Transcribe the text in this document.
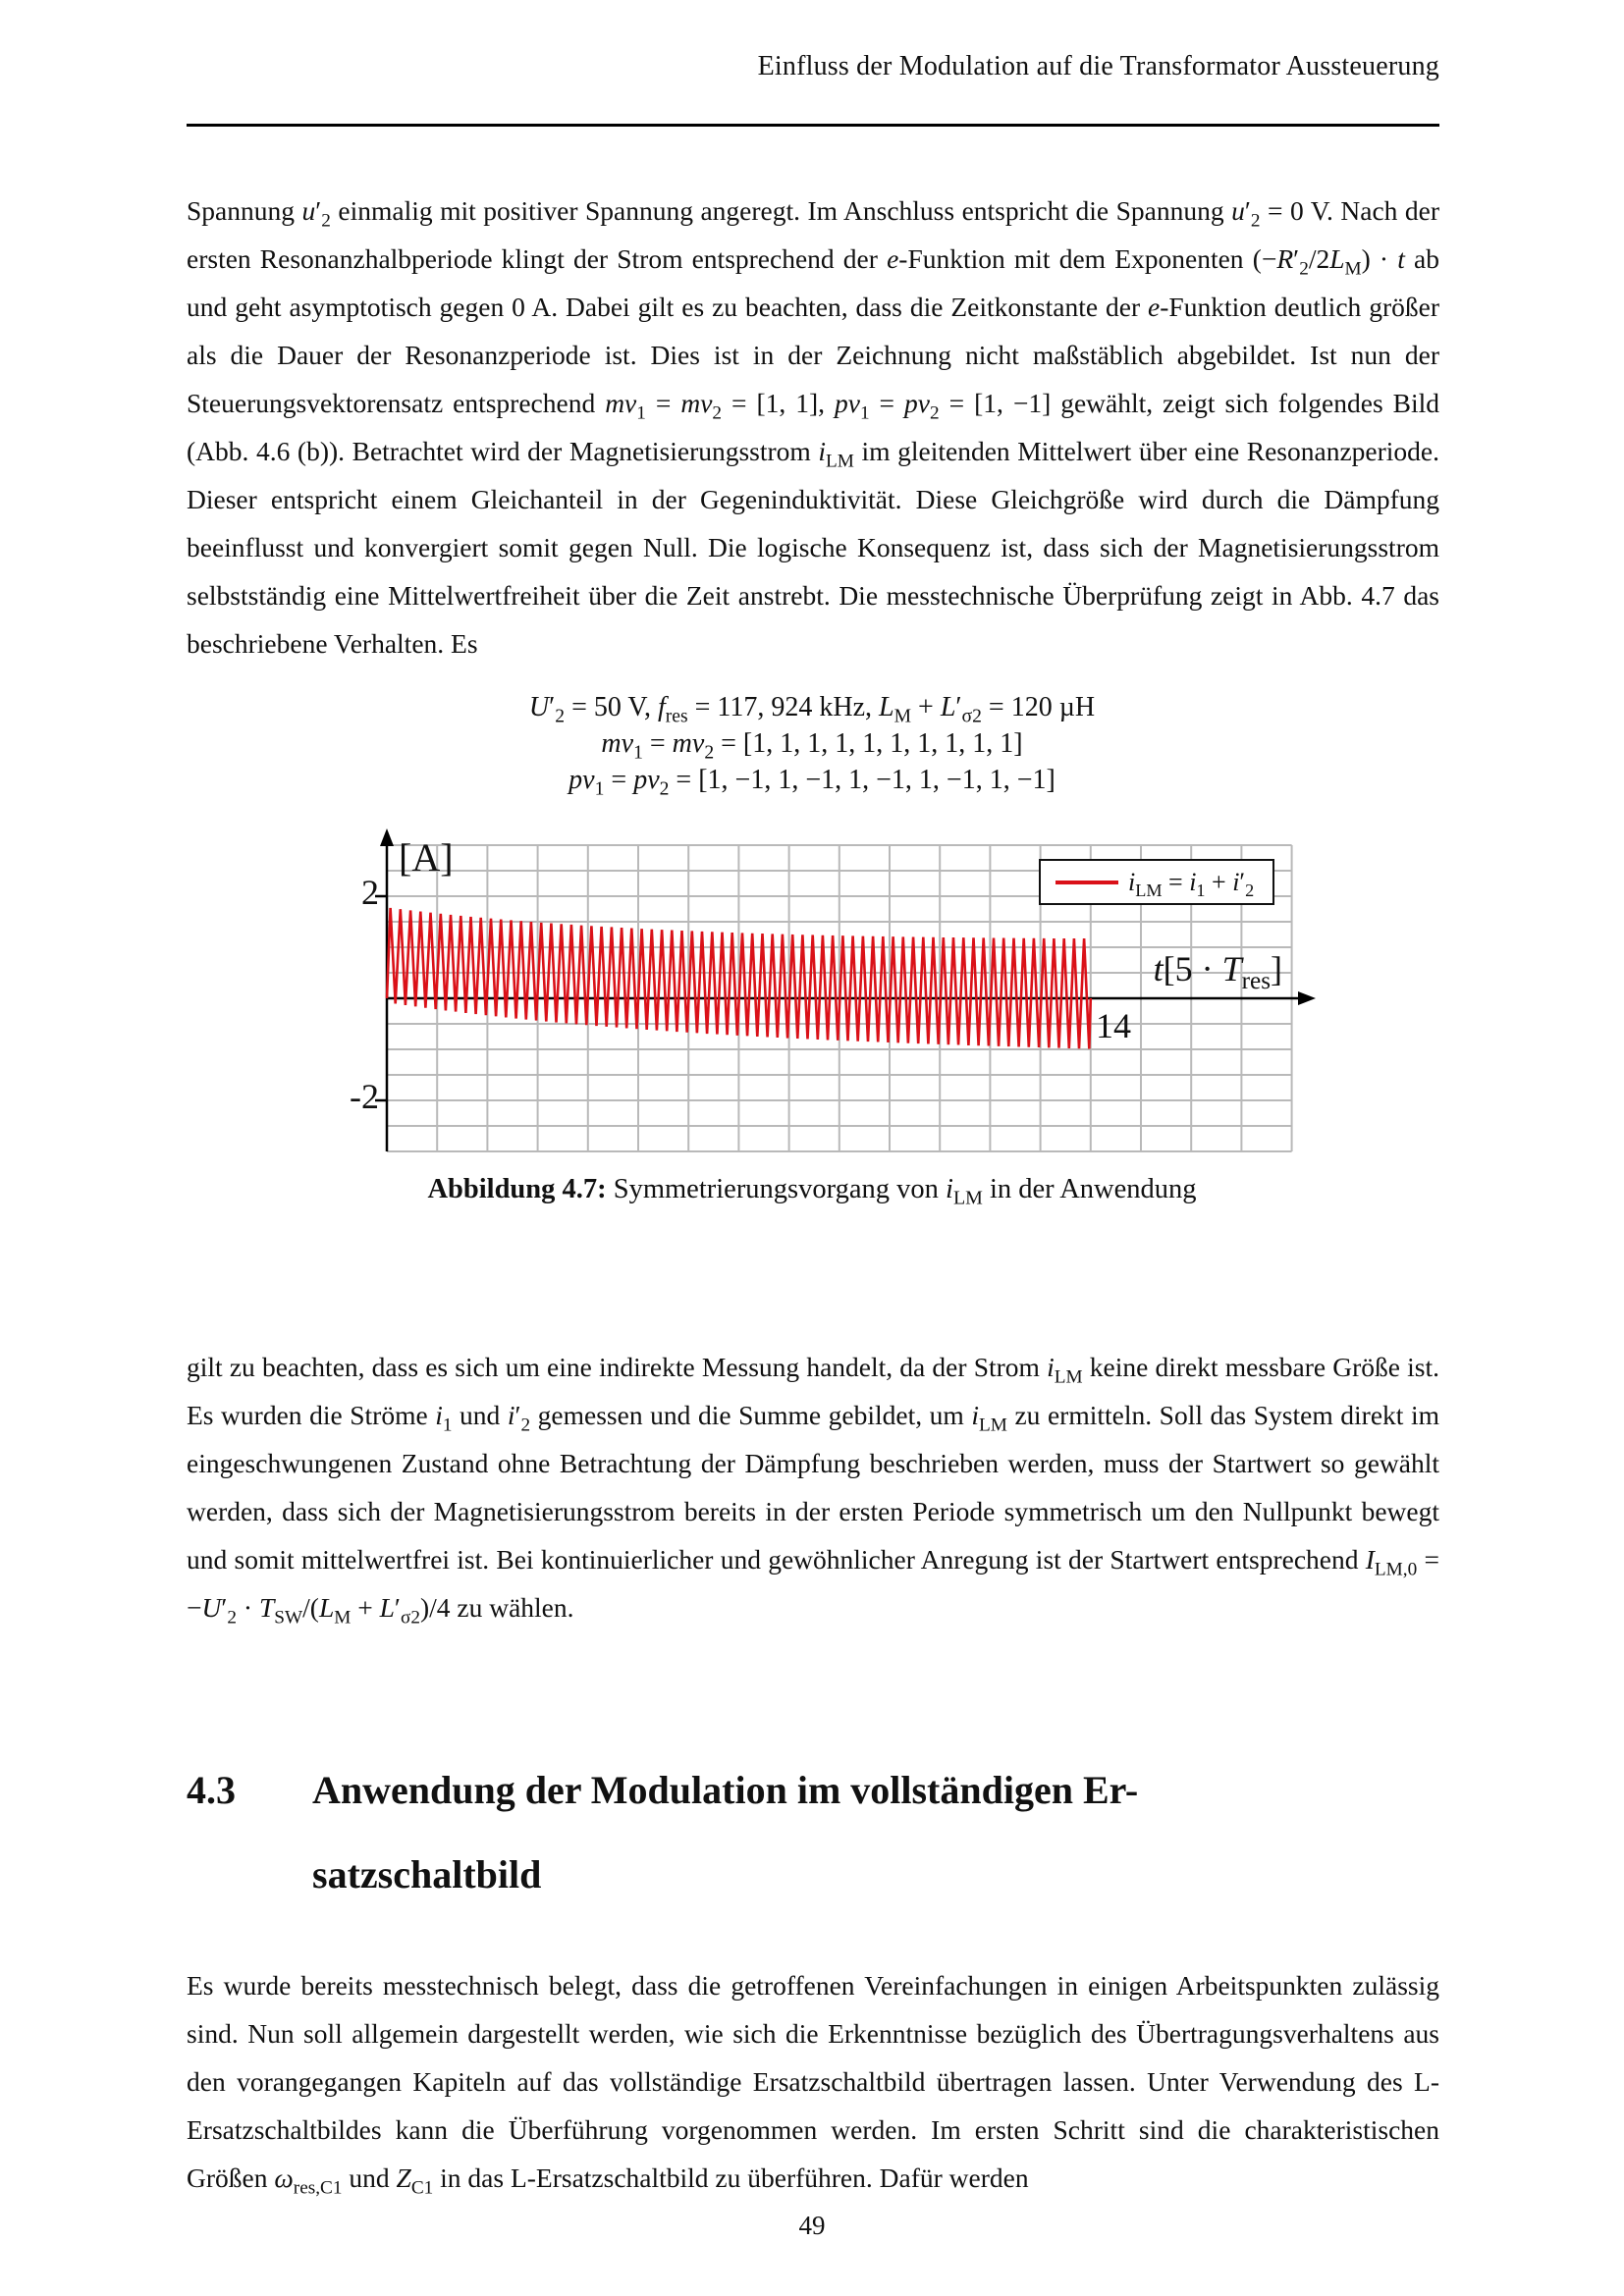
Einfluss der Modulation auf die Transformator Aussteuerung

Spannung $u'_2$ einmalig mit positiver Spannung angeregt. Im Anschluss entspricht die Spannung $u'_2 = 0$ V. Nach der ersten Resonanzhalbperiode klingt der Strom entsprechend der e-Funktion mit dem Exponenten $(-R'_2/2L_M) \cdot t$ ab und geht asymptotisch gegen 0 A. Dabei gilt es zu beachten, dass die Zeitkonstante der e-Funktion deutlich größer als die Dauer der Resonanzperiode ist. Dies ist in der Zeichnung nicht maßstäblich abgebildet. Ist nun der Steuerungsvektorensatz entsprechend $mv_1 = mv_2 = [1$, 1], $pv_1 = pv_2 = [1$, −1] gewählt, zeigt sich folgendes Bild (Abb. 4.6 (b)). Betrachtet wird der Magnetisierungsstrom $i_{LM}$ im gleitenden Mittelwert über eine Resonanzperiode. Dieser entspricht einem Gleichanteil in der Gegeninduktivität. Diese Gleichgröße wird durch die Dämpfung beeinflusst und konvergiert somit gegen Null. Die logische Konsequenz ist, dass sich der Magnetisierungsstrom selbstständig eine Mittelwertfreiheit über die Zeit anstrebt. Die messtechnische Überprüfung zeigt in Abb. 4.7 das beschriebene Verhalten. Es

$U'_2 = 50$ V, $f_{res} = 117$, 924 kHz, $L_M + L'_{\sigma 2} = 120$ µH
$mv_1 = mv_2 = [1$, 1, 1, 1, 1, 1, 1, 1, 1, 1]
$pv_1 = pv_2 = [1$, −1, 1, −1, 1, −1, 1, −1, 1, −1]
[A]
2
-2
$t[5 \cdot T_{res}]$
14
$i_{LM} = i_1 + i'_2$
Abbildung 4.7: Symmetrierungsvorgang von $i_{LM}$ in der Anwendung

gilt zu beachten, dass es sich um eine indirekte Messung handelt, da der Strom $i_{LM}$ keine direkt messbare Größe ist. Es wurden die Ströme $i_1$ und $i'_2$ gemessen und die Summe gebildet, um $i_{LM}$ zu ermitteln. Soll das System direkt im eingeschwungenen Zustand ohne Betrachtung der Dämpfung beschrieben werden, muss der Startwert so gewählt werden, dass sich der Magnetisierungsstrom bereits in der ersten Periode symmetrisch um den Nullpunkt bewegt und somit mittelwertfrei ist. Bei kontinuierlicher und gewöhnlicher Anregung ist der Startwert entsprechend $I_{LM,0} = -U'_2 \cdot T_{SW}/(L_M + L'_{\sigma 2})/4$ zu wählen.

4.3 Anwendung der Modulation im vollständigen Er-
satzschaltbild

Es wurde bereits messtechnisch belegt, dass die getroffenen Vereinfachungen in einigen Arbeitspunkten zulässig sind. Nun soll allgemein dargestellt werden, wie sich die Erkenntnisse bezüglich des Übertragungsverhaltens aus den vorangegangen Kapiteln auf das vollständige Ersatzschaltbild übertragen lassen. Unter Verwendung des L-Ersatzschaltbildes kann die Überführung vorgenommen werden. Im ersten Schritt sind die charakteristischen Größen $\omega_{res,C1}$ und $Z_{C1}$ in das L-Ersatzschaltbild zu überführen. Dafür werden

49
